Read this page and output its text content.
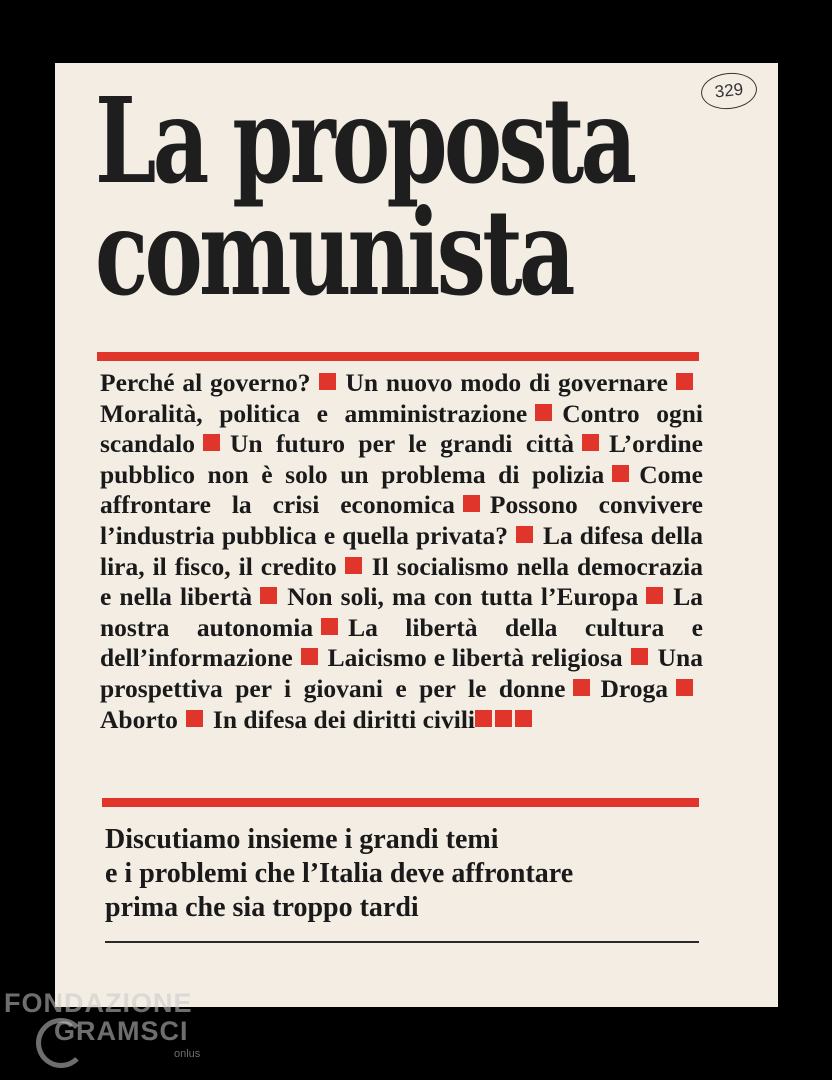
329
La proposta
comunista
Perché al governo? Un nuovo modo di governareMoralità, politica e amministrazione Contro ogni scandalo Un futuro per le grandi città L’ordine pubblico non è solo un problema di polizia Come affrontare la crisi economica Possono convivere l’industria pubblica e quella privata? La difesa della lira, il fisco, il credito Il socialismo nella democrazia e nella libertà Non soli, ma con tutta l’Europa La nostra autonomia La libertà della cultura e dell’informazione Laicismo e libertà religiosa Una prospettiva per i giovani e per le donne DrogaAborto In difesa dei diritti civili
Discutiamo insieme i grandi temi
e i problemi che l’Italia deve affrontare
prima che sia troppo tardi
FONDAZIONE
GRAMSCI
onlus
